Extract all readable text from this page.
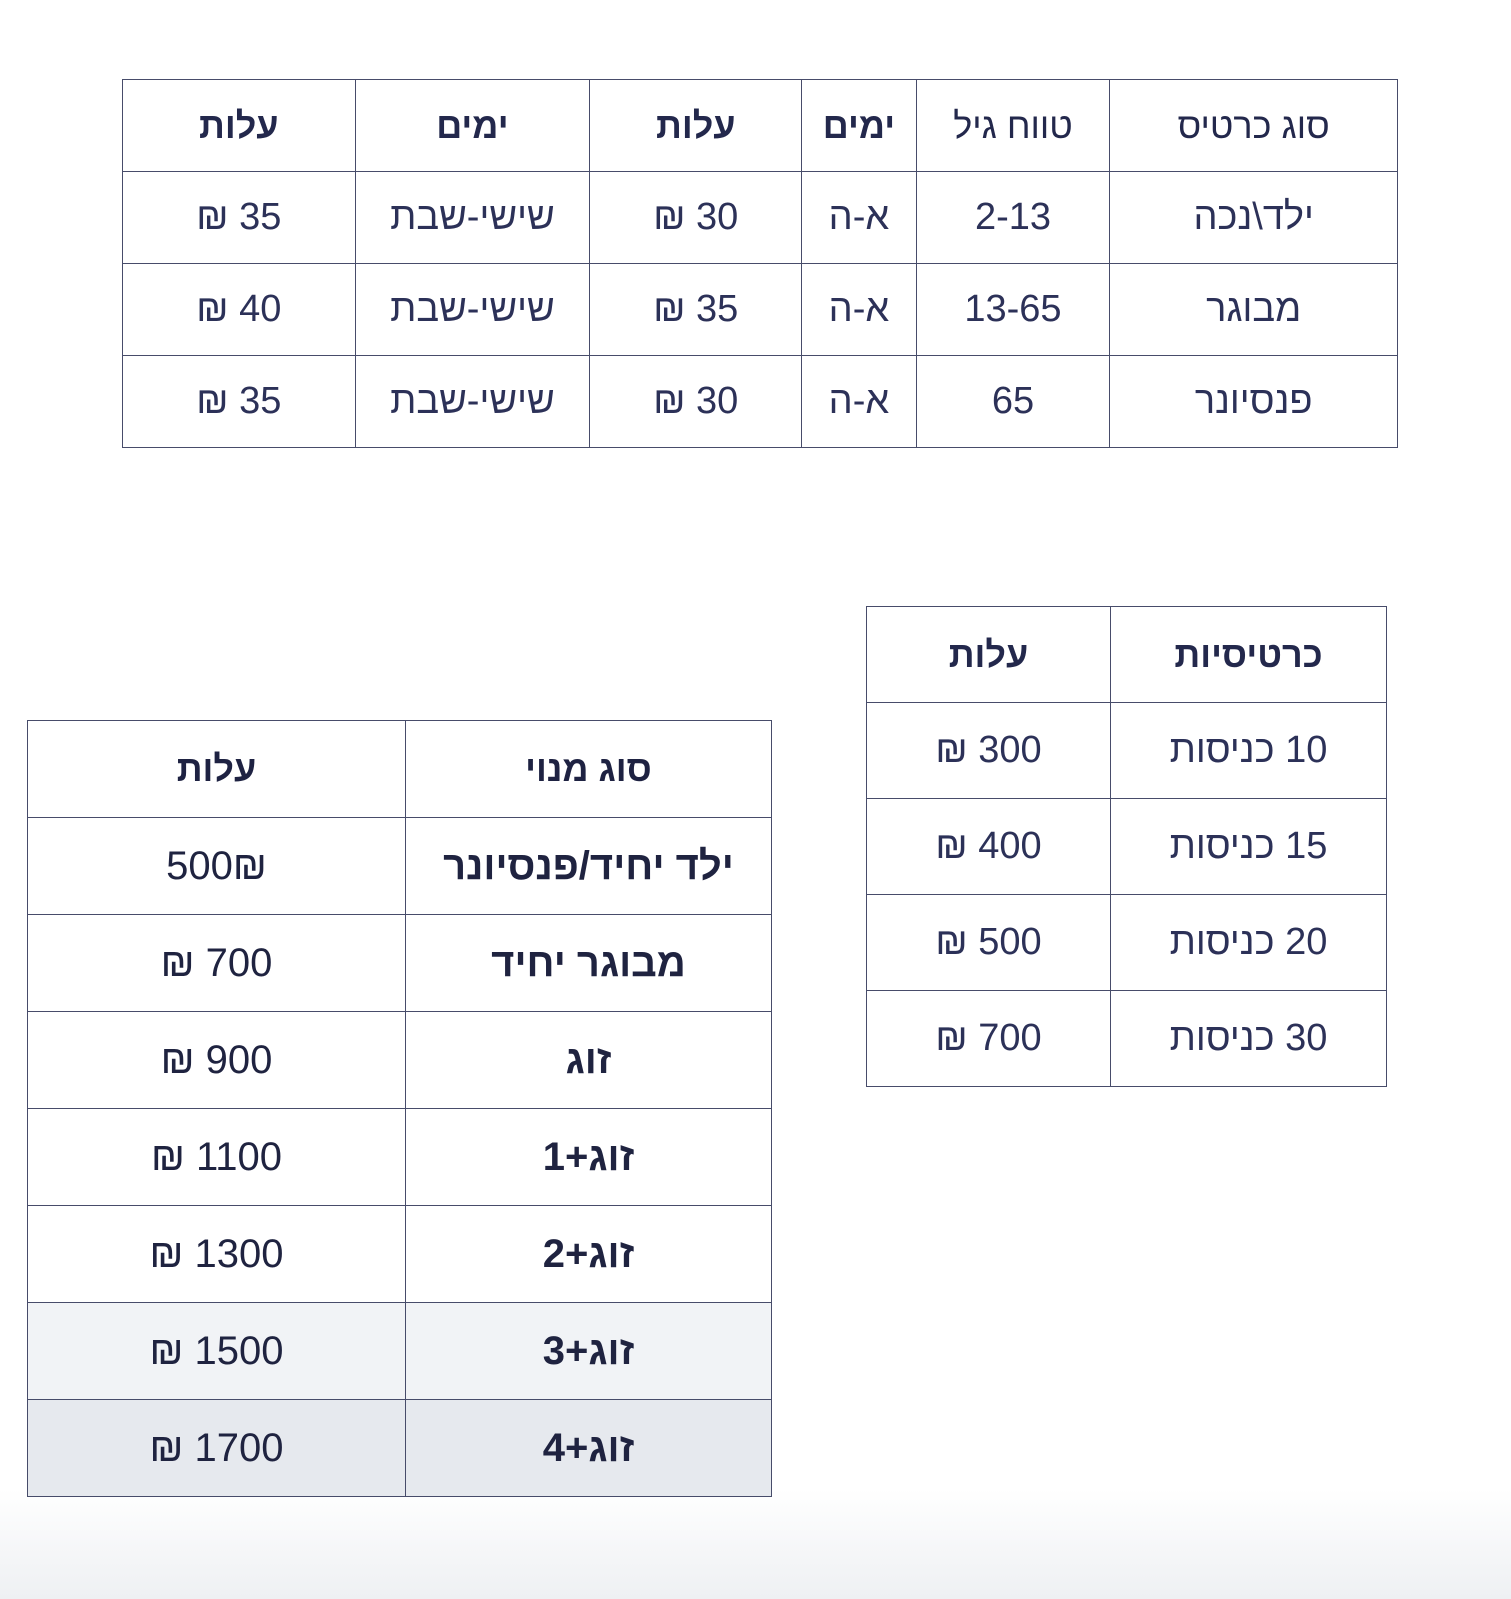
סוג כרטיס	טווח גיל	ימים	עלות	ימים	עלות
ילד\נכה	2-13	א-ה	30 ₪	שישי-שבת	35 ₪
מבוגר	13-65	א-ה	35 ₪	שישי-שבת	40 ₪
פנסיונר	65	א-ה	30 ₪	שישי-שבת	35 ₪
כרטיסיות	עלות
10 כניסות	300 ₪
15 כניסות	400 ₪
20 כניסות	500 ₪
30 כניסות	700 ₪
סוג מנוי	עלות
ילד יחיד/פנסיונר	500₪
מבוגר יחיד	700 ₪
זוג	900 ₪
זוג+1	1100 ₪
זוג+2	1300 ₪
זוג+3	1500 ₪
זוג+4	1700 ₪
